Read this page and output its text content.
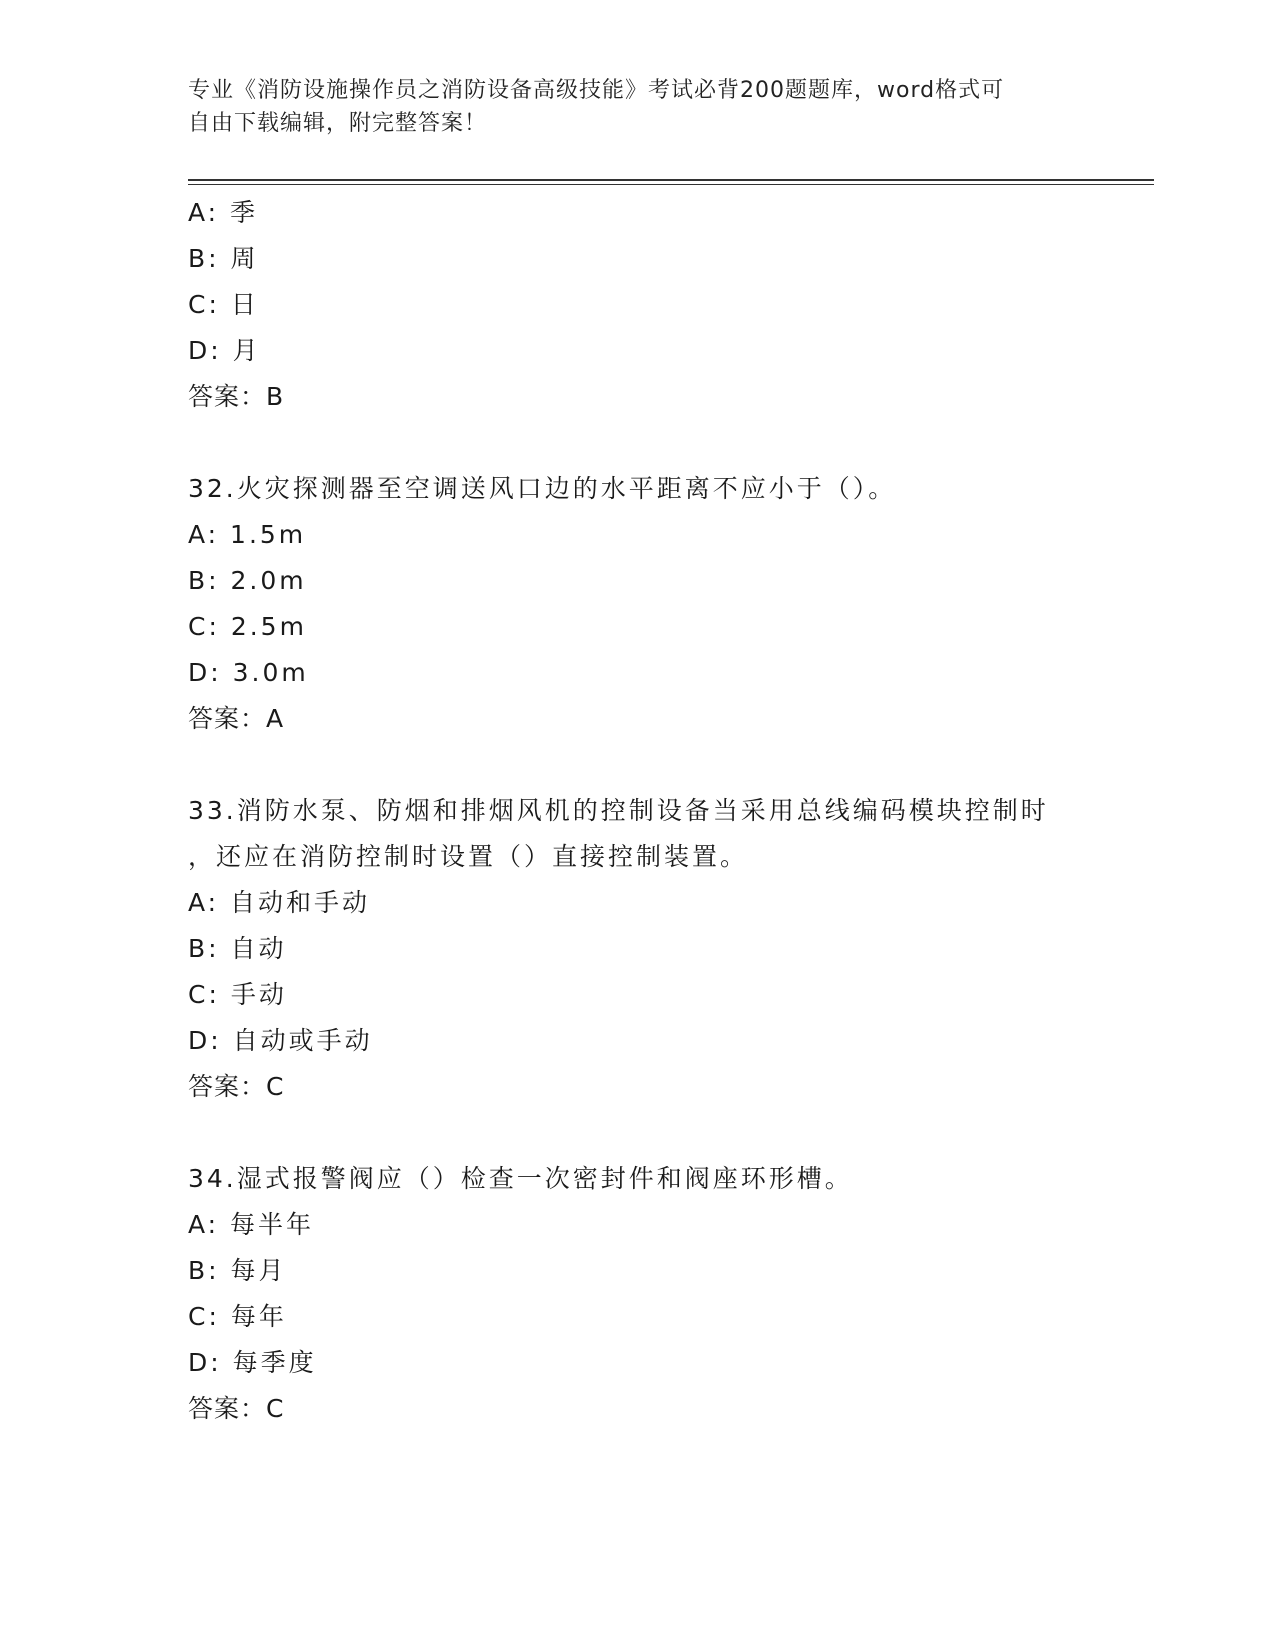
专业《消防设施操作员之消防设备高级技能》考试必背200题题库，word格式可
自由下载编辑，附完整答案！
A: 季
B: 周
C: 日
D: 月
答案：B
32.火灾探测器至空调送风口边的水平距离不应小于（）。
A: 1.5m
B: 2.0m
C: 2.5m
D: 3.0m
答案：A
33.消防水泵、防烟和排烟风机的控制设备当采用总线编码模块控制时
，还应在消防控制时设置（）直接控制装置。
A: 自动和手动
B: 自动
C: 手动
D: 自动或手动
答案：C
34.湿式报警阀应（）检查一次密封件和阀座环形槽。
A: 每半年
B: 每月
C: 每年
D: 每季度
答案：C
